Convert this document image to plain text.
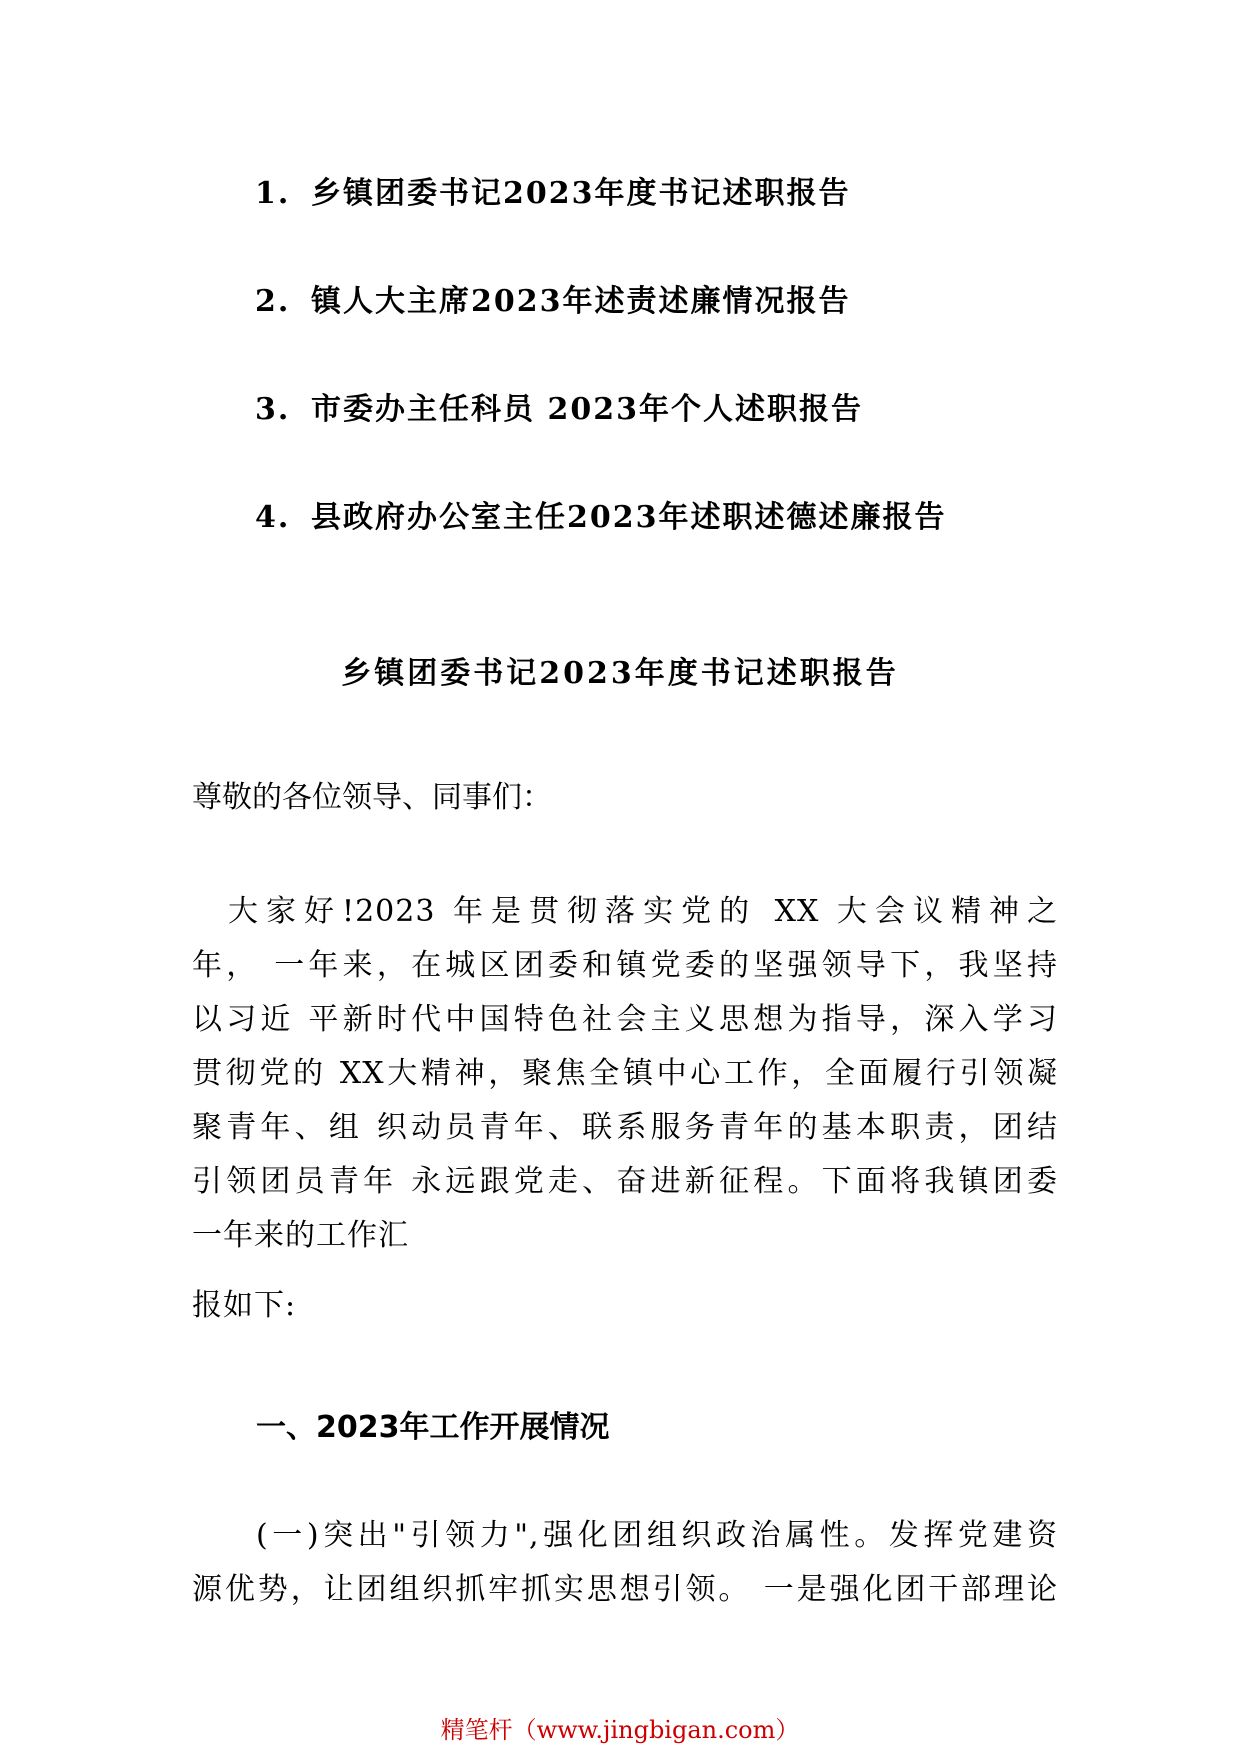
1. 乡镇团委书记2023年度书记述职报告
2. 镇人大主席2023年述责述廉情况报告
3. 市委办主任科员 2023年个人述职报告
4. 县政府办公室主任2023年述职述德述廉报告
乡镇团委书记2023年度书记述职报告
尊敬的各位领导、同事们：
大家好!2023 年是贯彻落实党的 XX 大会议精神之
年， 一年来，在城区团委和镇党委的坚强领导下，我坚持
以习近 平新时代中国特色社会主义思想为指导，深入学习
贯彻党的 XX大精神，聚焦全镇中心工作，全面履行引领凝
聚青年、组 织动员青年、联系服务青年的基本职责，团结
引领团员青年 永远跟党走、奋进新征程。下面将我镇团委
一年来的工作汇
报如下:
一、2023年工作开展情况
(一)突出"引领力",强化团组织政治属性。发挥党建资
源优势，让团组织抓牢抓实思想引领。 一是强化团干部理论
精笔杆（www.jingbigan.com）
